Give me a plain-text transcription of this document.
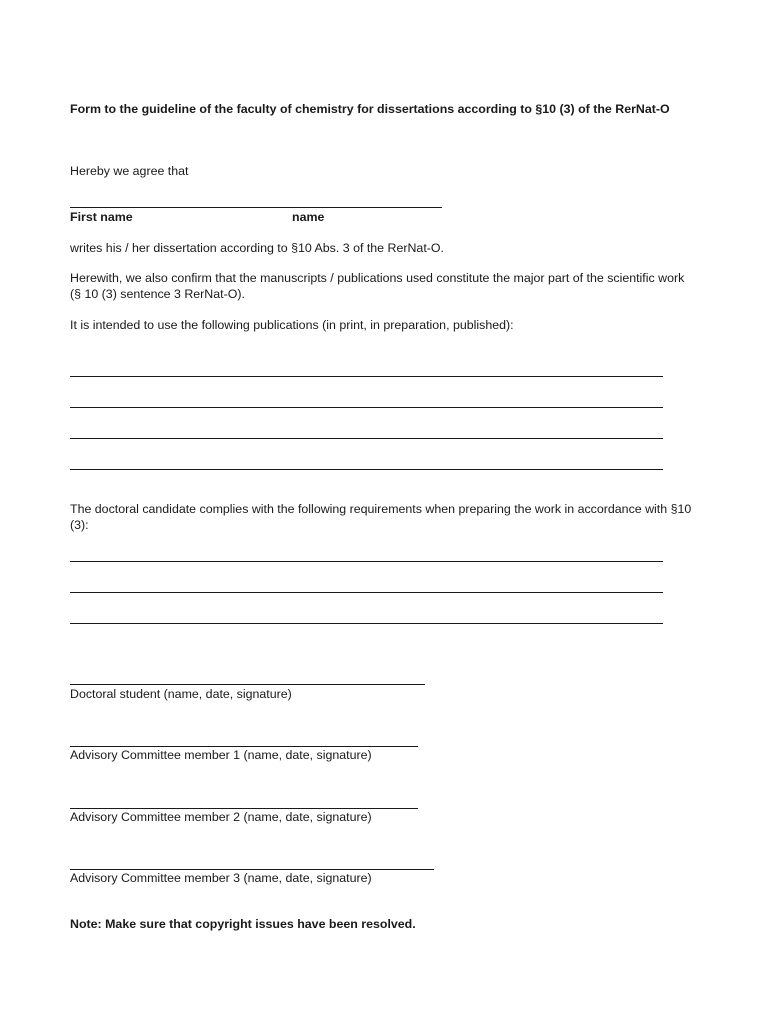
Form to the guideline of the faculty of chemistry for dissertations according to §10 (3) of the RerNat-O
Hereby we agree that
First name	name
writes his / her dissertation according to §10 Abs. 3 of the RerNat-O.
Herewith, we also confirm that the manuscripts / publications used constitute the major part of the scientific work (§ 10 (3) sentence 3 RerNat-O).
It is intended to use the following publications (in print, in preparation, published):
The doctoral candidate complies with the following requirements when preparing the work in accordance with §10 (3):
Doctoral student (name, date, signature)
Advisory Committee member 1 (name, date, signature)
Advisory Committee member 2 (name, date, signature)
Advisory Committee member 3 (name, date, signature)
Note: Make sure that copyright issues have been resolved.
